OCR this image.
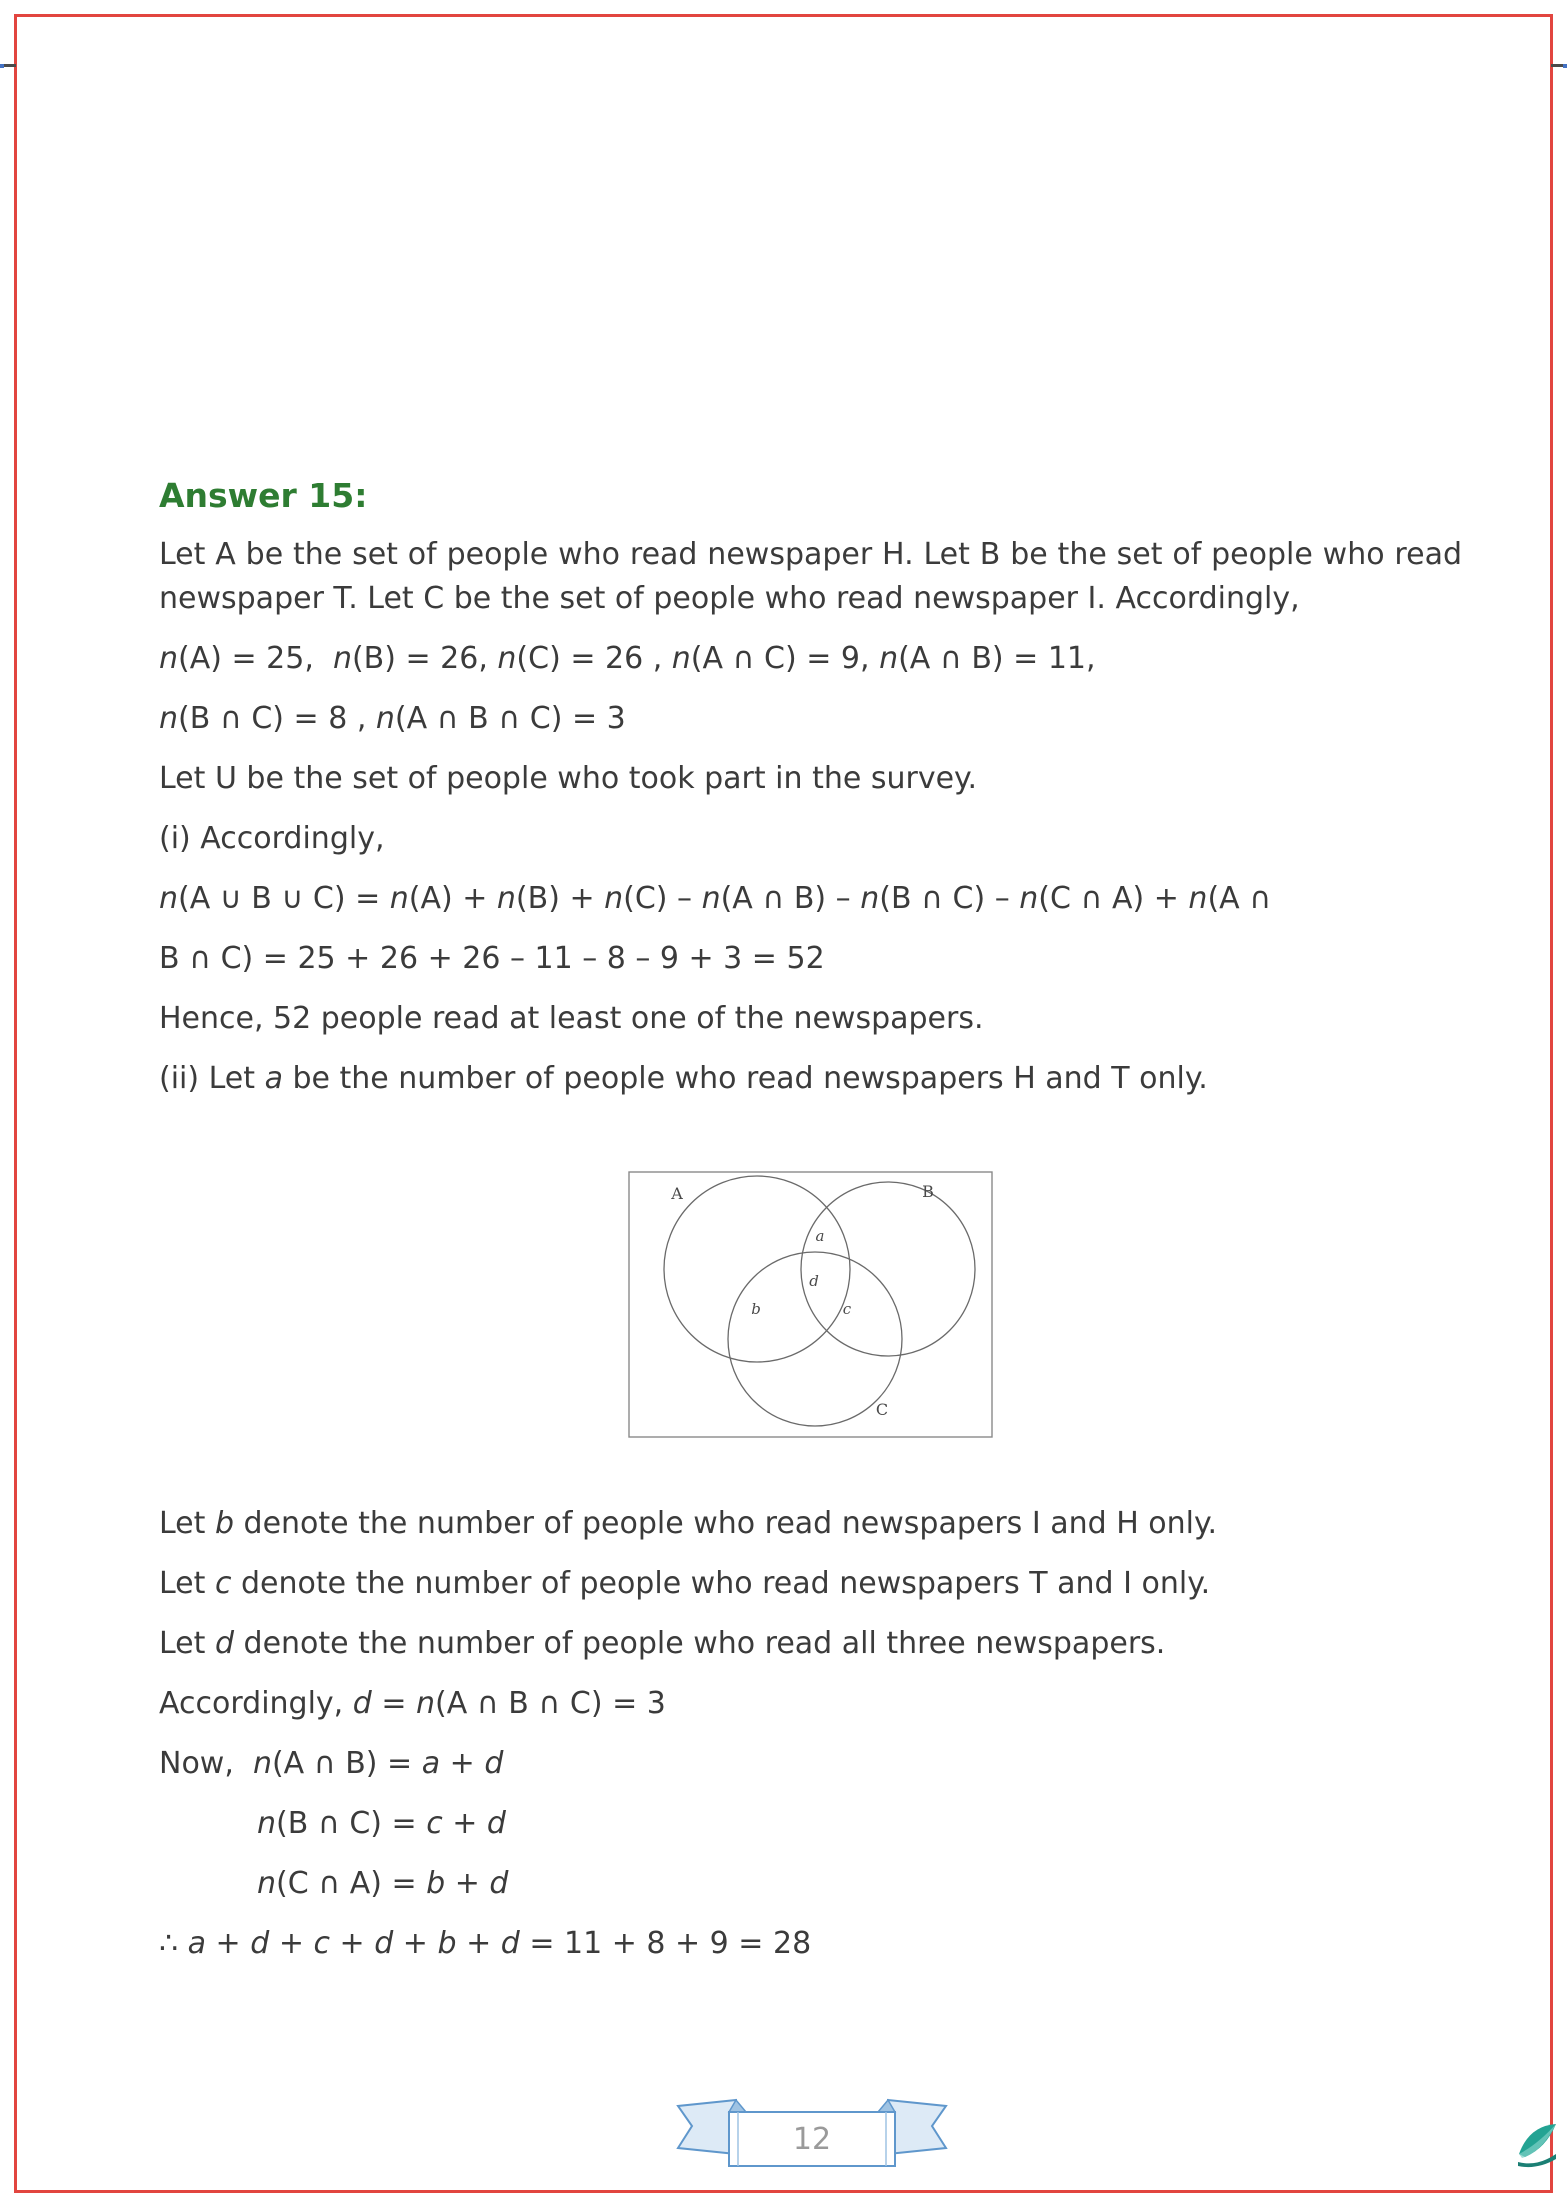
Answer 15:

Let A be the set of people who read newspaper H. Let B be the set of people who read newspaper T. Let C be the set of people who read newspaper I. Accordingly,

n(A) = 25,  n(B) = 26, n(C) = 26 , n(A ∩ C) = 9, n(A ∩ B) = 11,

n(B ∩ C) = 8 , n(A ∩ B ∩ C) = 3

Let U be the set of people who took part in the survey.

(i) Accordingly,

n(A ∪ B ∪ C) = n(A) + n(B) + n(C) – n(A ∩ B) – n(B ∩ C) – n(C ∩ A) + n(A ∩

B ∩ C) = 25 + 26 + 26 – 11 – 8 – 9 + 3 = 52

Hence, 52 people read at least one of the newspapers.

(ii) Let a be the number of people who read newspapers H and T only.

A	B
C
a
d
b	c

Let b denote the number of people who read newspapers I and H only.

Let c denote the number of people who read newspapers T and I only.

Let d denote the number of people who read all three newspapers.

Accordingly, d = n(A ∩ B ∩ C) = 3

Now,  n(A ∩ B) = a + d

n(B ∩ C) = c + d

n(C ∩ A) = b + d

∴ a + d + c + d + b + d = 11 + 8 + 9 = 28

12
